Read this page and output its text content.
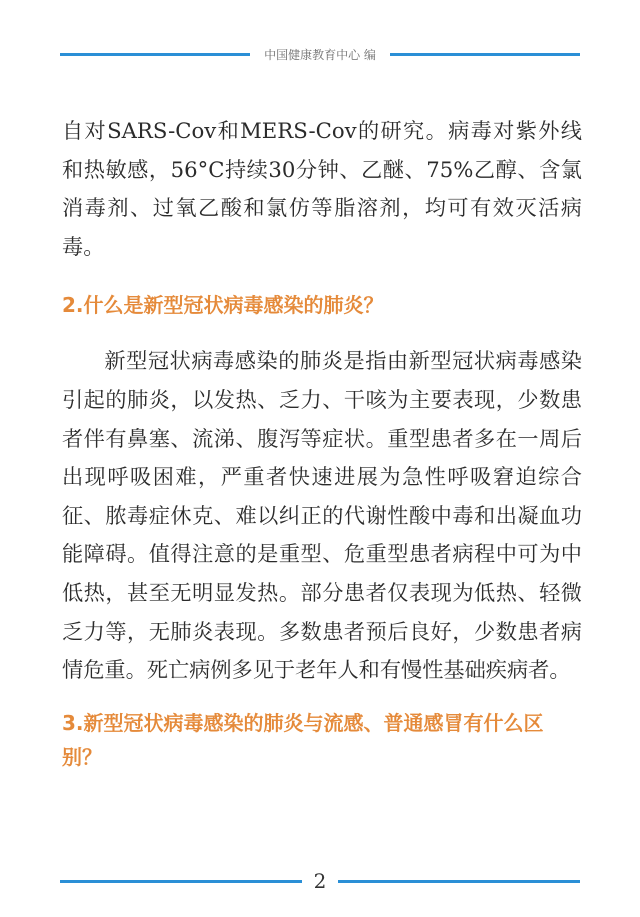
中国健康教育中心 编

自对SARS-Cov和MERS-Cov的研究。病毒对紫外线和热敏感，56°C持续30分钟、乙醚、75%乙醇、含氯消毒剂、过氧乙酸和氯仿等脂溶剂，均可有效灭活病毒。

2.什么是新型冠状病毒感染的肺炎？

新型冠状病毒感染的肺炎是指由新型冠状病毒感染引起的肺炎，以发热、乏力、干咳为主要表现，少数患者伴有鼻塞、流涕、腹泻等症状。重型患者多在一周后出现呼吸困难，严重者快速进展为急性呼吸窘迫综合征、脓毒症休克、难以纠正的代谢性酸中毒和出凝血功能障碍。值得注意的是重型、危重型患者病程中可为中低热，甚至无明显发热。部分患者仅表现为低热、轻微乏力等，无肺炎表现。多数患者预后良好，少数患者病情危重。死亡病例多见于老年人和有慢性基础疾病者。

3.新型冠状病毒感染的肺炎与流感、普通感冒有什么区别？
2
